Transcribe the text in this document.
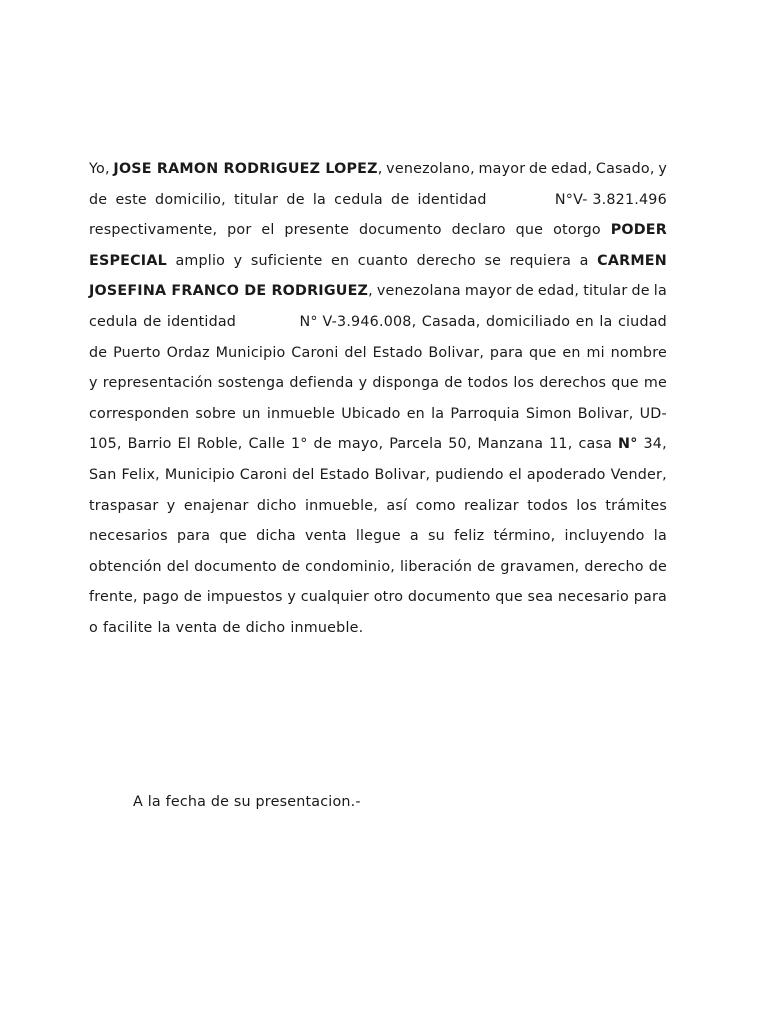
Yo, JOSE RAMON RODRIGUEZ LOPEZ, venezolano, mayor de edad, Casado, y
de este domicilio, titular de la cedula de identidad	N°V- 3.821.496
respectivamente, por el presente documento declaro que otorgo PODER
ESPECIAL amplio y suficiente en cuanto derecho se requiera a CARMEN
JOSEFINA FRANCO DE RODRIGUEZ, venezolana mayor de edad, titular de la
cedula de identidad	N° V-3.946.008, Casada, domiciliado en la ciudad
de Puerto Ordaz Municipio Caroni del Estado Bolivar, para que en mi nombre
y representación sostenga defienda y disponga de todos los derechos que me
corresponden sobre un inmueble Ubicado en la Parroquia Simon Bolivar, UD-
105, Barrio El Roble, Calle 1° de mayo, Parcela 50, Manzana 11, casa N° 34,
San Felix, Municipio Caroni del Estado Bolivar, pudiendo el apoderado Vender,
traspasar y enajenar dicho inmueble, así como realizar todos los trámites
necesarios para que dicha venta llegue a su feliz término, incluyendo la
obtención del documento de condominio, liberación de gravamen, derecho de
frente, pago de impuestos y cualquier otro documento que sea necesario para
o facilite la venta de dicho inmueble.
A la fecha de su presentacion.-
